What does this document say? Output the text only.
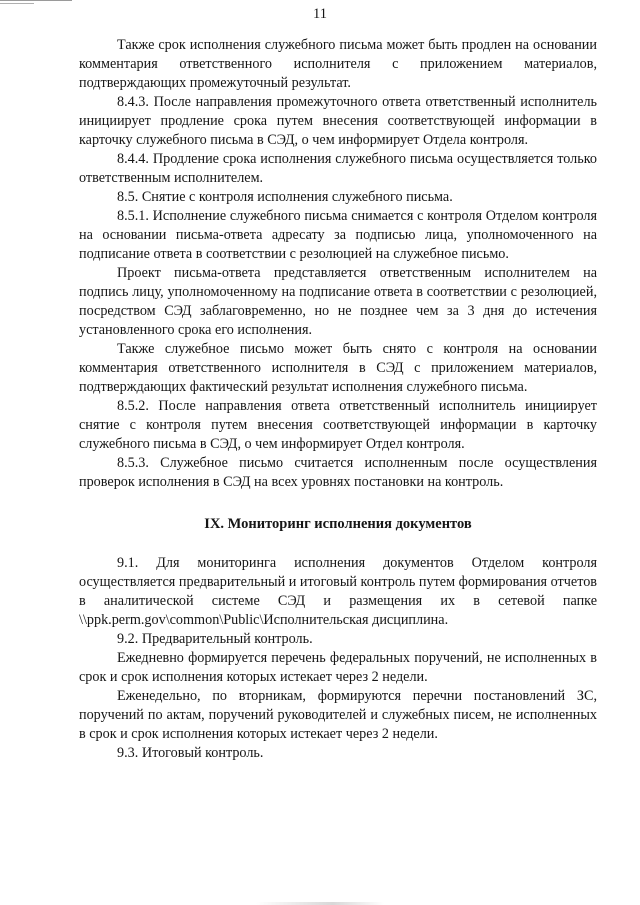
11

Также срок исполнения служебного письма может быть продлен на основании комментария ответственного исполнителя с приложением материалов, подтверждающих промежуточный результат.

8.4.3. После направления промежуточного ответа ответственный исполнитель инициирует продление срока путем внесения соответствующей информации в карточку служебного письма в СЭД, о чем информирует Отдела контроля.

8.4.4. Продление срока исполнения служебного письма осуществляется только ответственным исполнителем.

8.5. Снятие с контроля исполнения служебного письма.

8.5.1. Исполнение служебного письма снимается с контроля Отделом контроля на основании письма-ответа адресату за подписью лица, уполномоченного на подписание ответа в соответствии с резолюцией на служебное письмо.

Проект письма-ответа представляется ответственным исполнителем на подпись лицу, уполномоченному на подписание ответа в соответствии с резолюцией, посредством СЭД заблаговременно, но не позднее чем за 3 дня до истечения установленного срока его исполнения.

Также служебное письмо может быть снято с контроля на основании комментария ответственного исполнителя в СЭД с приложением материалов, подтверждающих фактический результат исполнения служебного письма.

8.5.2. После направления ответа ответственный исполнитель инициирует снятие с контроля путем внесения соответствующей информации в карточку служебного письма в СЭД, о чем информирует Отдел контроля.

8.5.3. Служебное письмо считается исполненным после осуществления проверок исполнения в СЭД на всех уровнях постановки на контроль.

IX. Мониторинг исполнения документов

9.1. Для мониторинга исполнения документов Отделом контроля осуществляется предварительный и итоговый контроль путем формирования отчетов в аналитической системе СЭД и размещения их в сетевой папке \\ppk.perm.gov\common\Public\Исполнительская дисциплина.

9.2. Предварительный контроль.

Ежедневно формируется перечень федеральных поручений, не исполненных в срок и срок исполнения которых истекает через 2 недели.

Еженедельно, по вторникам, формируются перечни постановлений ЗС, поручений по актам, поручений руководителей и служебных писем, не исполненных в срок и срок исполнения которых истекает через 2 недели.

9.3. Итоговый контроль.
